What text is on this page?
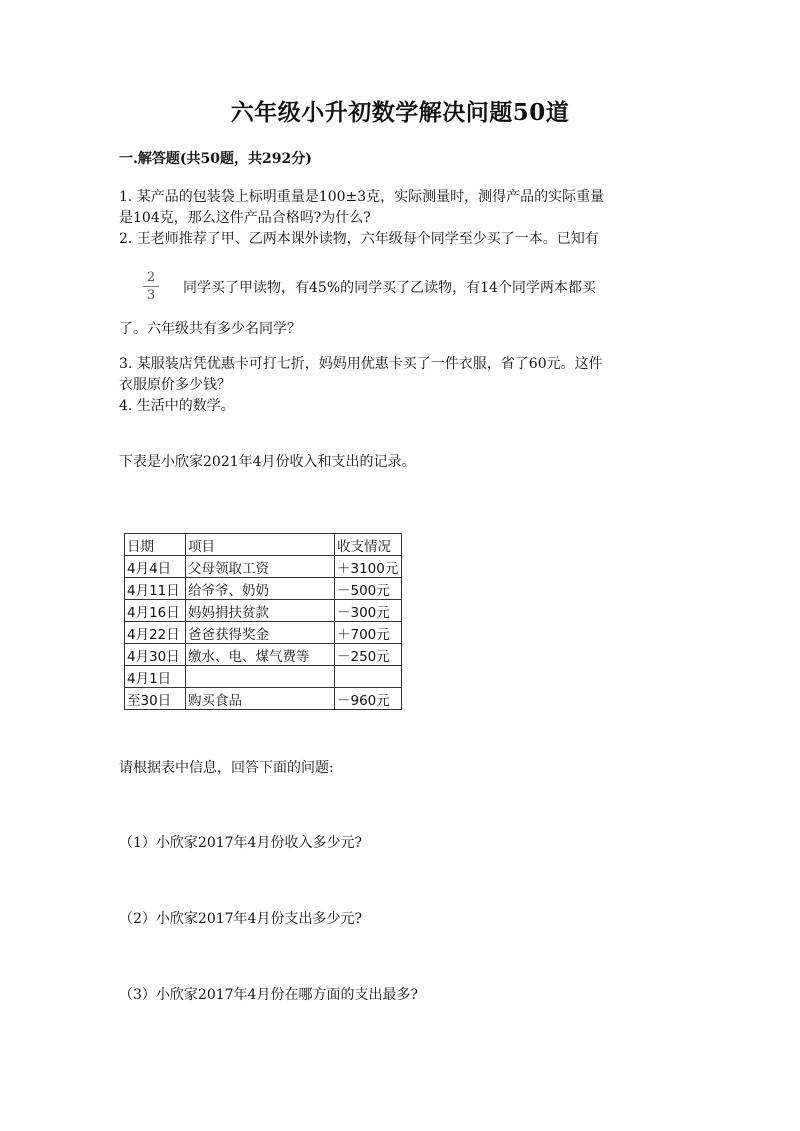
六年级小升初数学解决问题50道
一.解答题(共50题，共292分)
1. 某产品的包装袋上标明重量是100±3克，实际测量时，测得产品的实际重量
是104克，那么这件产品合格吗?为什么?
2. 王老师推荐了甲、乙两本课外读物，六年级每个同学至少买了一本。已知有
2
3 同学买了甲读物，有45%的同学买了乙读物，有14个同学两本都买
了。六年级共有多少名同学？
3. 某服装店凭优惠卡可打七折，妈妈用优惠卡买了一件衣服，省了60元。这件
衣服原价多少钱？
4. 生活中的数学。
下表是小欣家2021年4月份收入和支出的记录。
日期	项目	收支情况
4月4日	父母领取工资	＋3100元
4月11日	给爷爷、奶奶	－500元
4月16日	妈妈捐扶贫款	－300元
4月22日	爸爸获得奖金	＋700元
4月30日	缴水、电、煤气费等	－250元
4月1日		
至30日	购买食品	－960元
请根据表中信息，回答下面的问题:
（1）小欣家2017年4月份收入多少元?
（2）小欣家2017年4月份支出多少元?
（3）小欣家2017年4月份在哪方面的支出最多?
